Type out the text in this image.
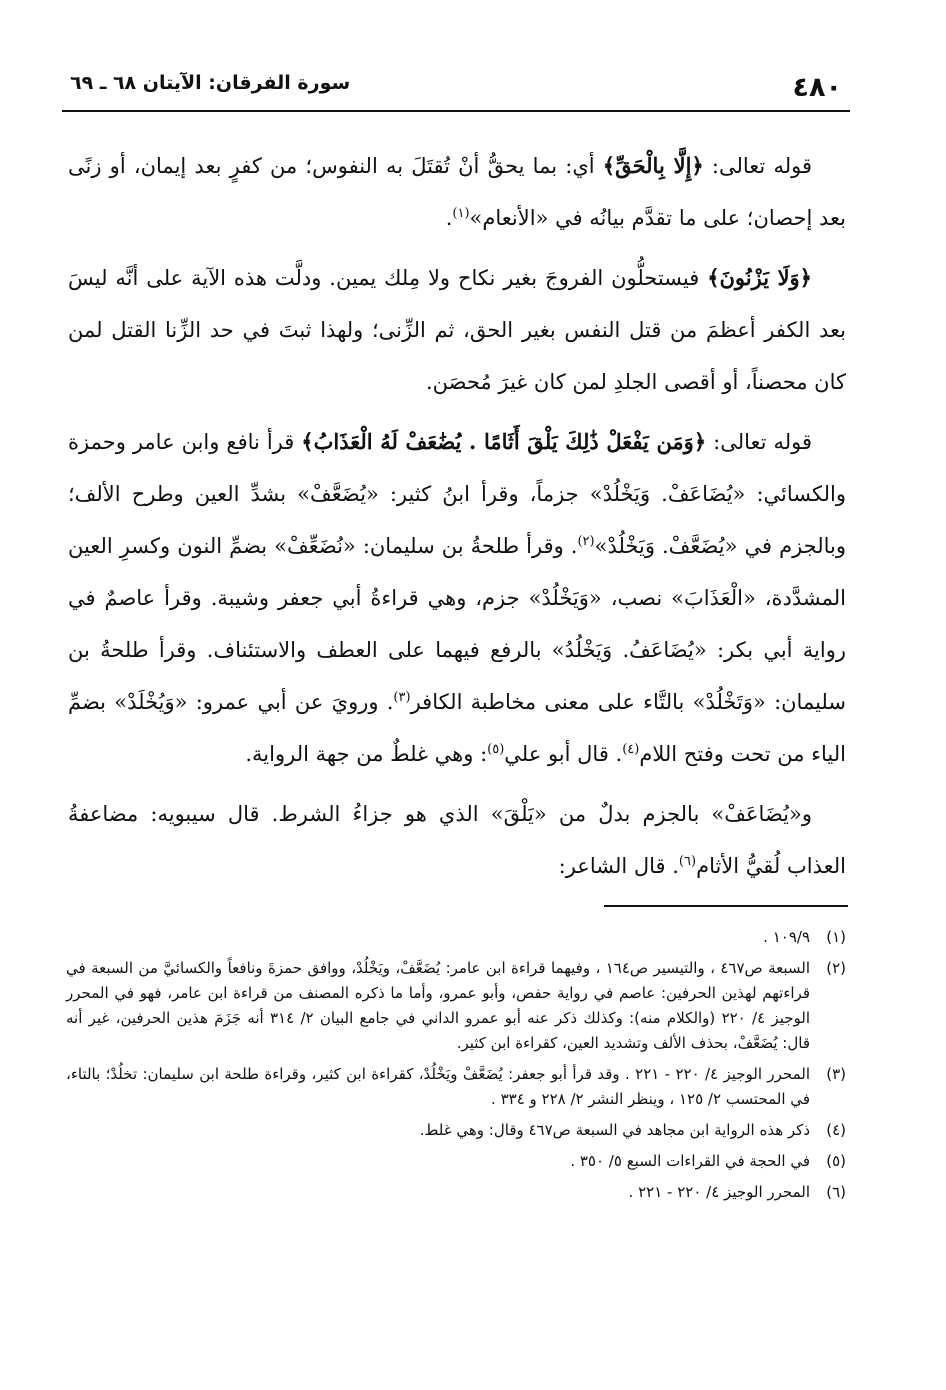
٤٨٠
سورة الفرقان: الآيتان ٦٨ ـ ٦٩

قوله تعالى: ﴿إِلَّا بِالْحَقِّ﴾ أي: بما يحقُّ أنْ تُقتَلَ به النفوس؛ من كفرٍ بعد إيمان، أو زنًى بعد إحصان؛ على ما تقدَّم بيانُه في «الأنعام»$^{(١)}$.

﴿وَلَا يَزْنُونَ﴾ فيستحلُّون الفروجَ بغير نكاح ولا مِلك يمين. ودلَّت هذه الآية على أنَّه ليسَ بعد الكفر أعظمَ من قتل النفس بغير الحق، ثم الزِّنى؛ ولهذا ثبتَ في حد الزِّنا القتل لمن كان محصناً، أو أقصى الجلدِ لمن كان غيرَ مُحصَن.

قوله تعالى: ﴿وَمَن يَفْعَلْ ذَٰلِكَ يَلْقَ أَثَامًا . يُضَٰعَفْ لَهُ الْعَذَابُ﴾ قرأ نافع وابن عامر وحمزة والكسائي: «يُضَاعَفْ. وَيَخْلُدْ» جزماً، وقرأ ابنُ كثير: «يُضَعَّفْ» بشدِّ العين وطرح الألف؛ وبالجزم في «يُضَعَّفْ. وَيَخْلُدْ»$^{(٢)}$. وقرأ طلحةُ بن سليمان: «نُضَعِّفْ» بضمِّ النون وكسرِ العين المشدَّدة، «الْعَذَابَ» نصب، «وَيَخْلُدْ» جزم، وهي قراءةُ أبي جعفر وشيبة. وقرأ عاصمٌ في رواية أبي بكر: «يُضَاعَفُ. وَيَخْلُدُ» بالرفع فيهما على العطف والاستئناف. وقرأ طلحةُ بن سليمان: «وَتَخْلُدْ» بالتَّاء على معنى مخاطبة الكافر$^{(٣)}$. ورويَ عن أبي عمرو: «وَيُخْلَدْ» بضمِّ الياء من تحت وفتح اللام$^{(٤)}$. قال أبو علي$^{(٥)}$: وهي غلطٌ من جهة الرواية.

و«يُضَاعَفْ» بالجزم بدلٌ من «يَلْقَ» الذي هو جزاءُ الشرط. قال سيبويه: مضاعفةُ العذاب لُقيُّ الأثام$^{(٦)}$. قال الشاعر:

(١)
١٠٩/٩ .
(٢)
السبعة ص٤٦٧ ، والتيسير ص١٦٤ ، وفيهما قراءة ابن عامر: يُضَعَّفْ، ويَخْلُدْ، ووافق حمزةَ ونافعاً والكسائيَّ من السبعة في قراءتهم لهذين الحرفين: عاصم في رواية حفص، وأبو عمرو، وأما ما ذكره المصنف من قراءة ابن عامر، فهو في المحرر الوجيز ٤/ ٢٢٠ (والكلام منه): وكذلك ذكر عنه أبو عمرو الداني في جامع البيان ٢/ ٣١٤ أنه جَزَمَ هذين الحرفين، غير أنه قال: يُضَعَّفْ، بحذف الألف وتشديد العين، كقراءة ابن كثير.
(٣)
المحرر الوجيز ٤/ ٢٢٠ - ٢٢١ . وقد قرأ أبو جعفر: يُضَعَّفْ ويَخْلُدْ، كقراءة ابن كثير، وقراءة طلحة ابن سليمان: تخلُدْ؛ بالتاء، في المحتسب ٢/ ١٢٥ ، وينظر النشر ٢/ ٢٢٨ و ٣٣٤ .
(٤)
ذكر هذه الرواية ابن مجاهد في السبعة ص٤٦٧ وقال: وهي غلط.
(٥)
في الحجة في القراءات السبع ٥/ ٣٥٠ .
(٦)
المحرر الوجيز ٤/ ٢٢٠ - ٢٢١ .
